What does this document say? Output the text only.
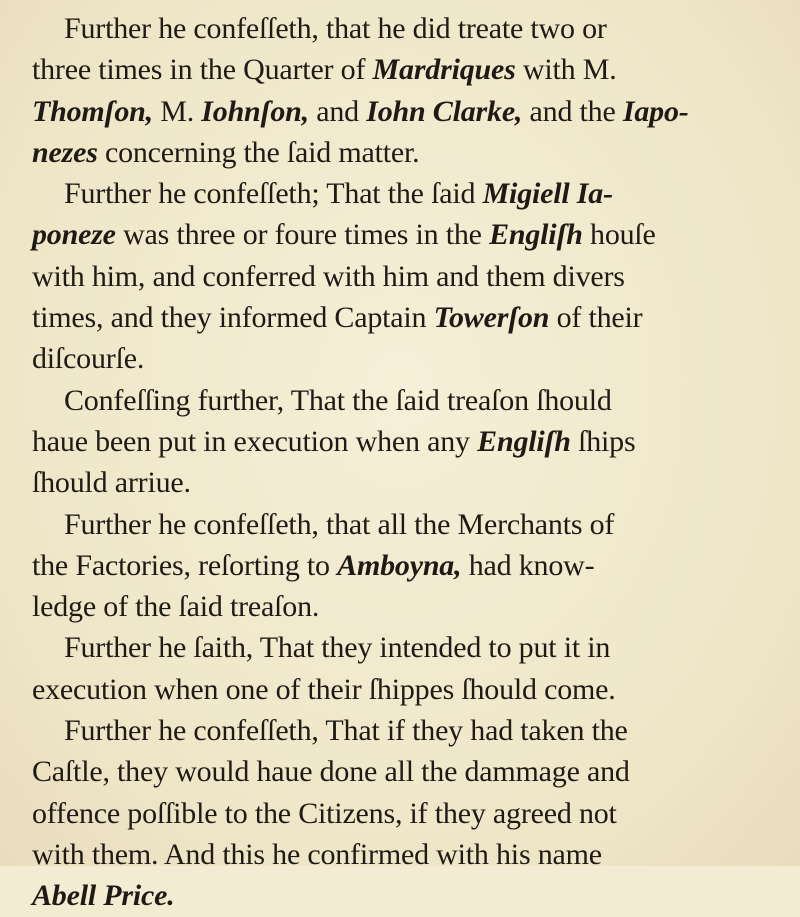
Further he confeſſeth, that he did treate two or
three times in the Quarter of Mardriques with M.
Thomſon, M. Iohnſon, and Iohn Clarke, and the Iapo-
nezes concerning the ſaid matter.
Further he confeſſeth; That the ſaid Migiell Ia-
poneze was three or foure times in the Engliſh houſe
with him, and conferred with him and them divers
times, and they informed Captain Towerſon of their
diſcourſe.
Confeſſing further, That the ſaid treaſon ſhould
haue been put in execution when any Engliſh ſhips
ſhould arriue.
Further he confeſſeth, that all the Merchants of
the Factories, reſorting to Amboyna, had know-
ledge of the ſaid treaſon.
Further he ſaith, That they intended to put it in
execution when one of their ſhippes ſhould come.
Further he confeſſeth, That if they had taken the
Caſtle, they would haue done all the dammage and
offence poſſible to the Citizens, if they agreed not
with them. And this he confirmed with his name
Abell Price.
